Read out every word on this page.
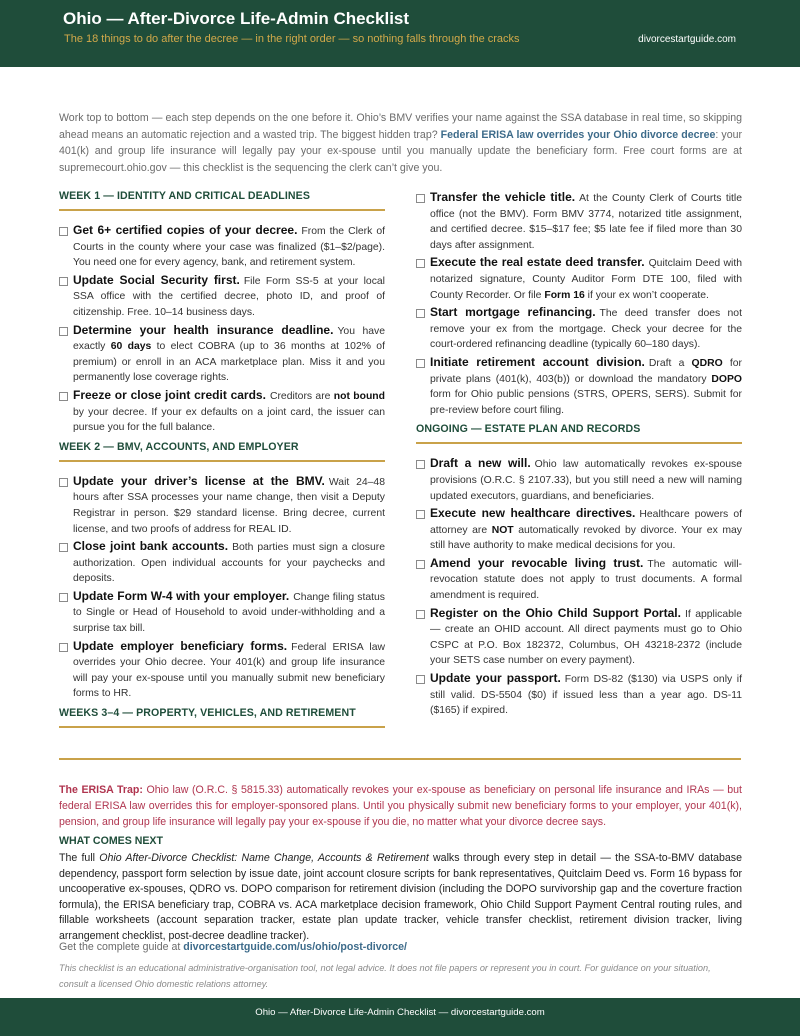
Ohio — After-Divorce Life-Admin Checklist
The 18 things to do after the decree — in the right order — so nothing falls through the cracks	divorcestartguide.com
Work top to bottom — each step depends on the one before it. Ohio’s BMV verifies your name against the SSA database in real time, so skipping ahead means an automatic rejection and a wasted trip. The biggest hidden trap? Federal ERISA law overrides your Ohio divorce decree: your 401(k) and group life insurance will legally pay your ex-spouse until you manually update the beneficiary form. Free court forms are at supremecourt.ohio.gov — this checklist is the sequencing the clerk can’t give you.
WEEK 1 — IDENTITY AND CRITICAL DEADLINES
Get 6+ certified copies of your decree. From the Clerk of Courts in the county where your case was finalized ($1–$2/page). You need one for every agency, bank, and retirement system.
Update Social Security first. File Form SS-5 at your local SSA office with the certified decree, photo ID, and proof of citizenship. Free. 10–14 business days.
Determine your health insurance deadline. You have exactly 60 days to elect COBRA (up to 36 months at 102% of premium) or enroll in an ACA marketplace plan. Miss it and you permanently lose coverage rights.
Freeze or close joint credit cards. Creditors are not bound by your decree. If your ex defaults on a joint card, the issuer can pursue you for the full balance.
WEEK 2 — BMV, ACCOUNTS, AND EMPLOYER
Update your driver’s license at the BMV. Wait 24–48 hours after SSA processes your name change, then visit a Deputy Registrar in person. $29 standard license. Bring decree, current license, and two proofs of address for REAL ID.
Close joint bank accounts. Both parties must sign a closure authorization. Open individual accounts for your paychecks and deposits.
Update Form W-4 with your employer. Change filing status to Single or Head of Household to avoid under-withholding and a surprise tax bill.
Update employer beneficiary forms. Federal ERISA law overrides your Ohio decree. Your 401(k) and group life insurance will pay your ex-spouse until you manually submit new beneficiary forms to HR.
WEEKS 3–4 — PROPERTY, VEHICLES, AND RETIREMENT
Transfer the vehicle title. At the County Clerk of Courts title office (not the BMV). Form BMV 3774, notarized title assignment, and certified decree. $15–$17 fee; $5 late fee if filed more than 30 days after assignment.
Execute the real estate deed transfer. Quitclaim Deed with notarized signature, County Auditor Form DTE 100, filed with County Recorder. Or file Form 16 if your ex won’t cooperate.
Start mortgage refinancing. The deed transfer does not remove your ex from the mortgage. Check your decree for the court-ordered refinancing deadline (typically 60–180 days).
Initiate retirement account division. Draft a QDRO for private plans (401(k), 403(b)) or download the mandatory DOPO form for Ohio public pensions (STRS, OPERS, SERS). Submit for pre-review before court filing.
ONGOING — ESTATE PLAN AND RECORDS
Draft a new will. Ohio law automatically revokes ex-spouse provisions (O.R.C. § 2107.33), but you still need a new will naming updated executors, guardians, and beneficiaries.
Execute new healthcare directives. Healthcare powers of attorney are NOT automatically revoked by divorce. Your ex may still have authority to make medical decisions for you.
Amend your revocable living trust. The automatic will-revocation statute does not apply to trust documents. A formal amendment is required.
Register on the Ohio Child Support Portal. If applicable — create an OHID account. All direct payments must go to Ohio CSPC at P.O. Box 182372, Columbus, OH 43218-2372 (include your SETS case number on every payment).
Update your passport. Form DS-82 ($130) via USPS only if still valid. DS-5504 ($0) if issued less than a year ago. DS-11 ($165) if expired.
The ERISA Trap: Ohio law (O.R.C. § 5815.33) automatically revokes your ex-spouse as beneficiary on personal life insurance and IRAs — but federal ERISA law overrides this for employer-sponsored plans. Until you physically submit new beneficiary forms to your employer, your 401(k), pension, and group life insurance will legally pay your ex-spouse if you die, no matter what your divorce decree says.
WHAT COMES NEXT
The full Ohio After-Divorce Checklist: Name Change, Accounts & Retirement walks through every step in detail — the SSA-to-BMV database dependency, passport form selection by issue date, joint account closure scripts for bank representatives, Quitclaim Deed vs. Form 16 bypass for uncooperative ex-spouses, QDRO vs. DOPO comparison for retirement division (including the DOPO survivorship gap and the coverture fraction formula), the ERISA beneficiary trap, COBRA vs. ACA marketplace decision framework, Ohio Child Support Payment Central routing rules, and fillable worksheets (account separation tracker, estate plan update tracker, vehicle transfer checklist, retirement division tracker, living arrangement checklist, post-decree deadline tracker).
Get the complete guide at divorcestartguide.com/us/ohio/post-divorce/
This checklist is an educational administrative-organisation tool, not legal advice. It does not file papers or represent you in court. For guidance on your situation, consult a licensed Ohio domestic relations attorney.
Ohio — After-Divorce Life-Admin Checklist — divorcestartguide.com
